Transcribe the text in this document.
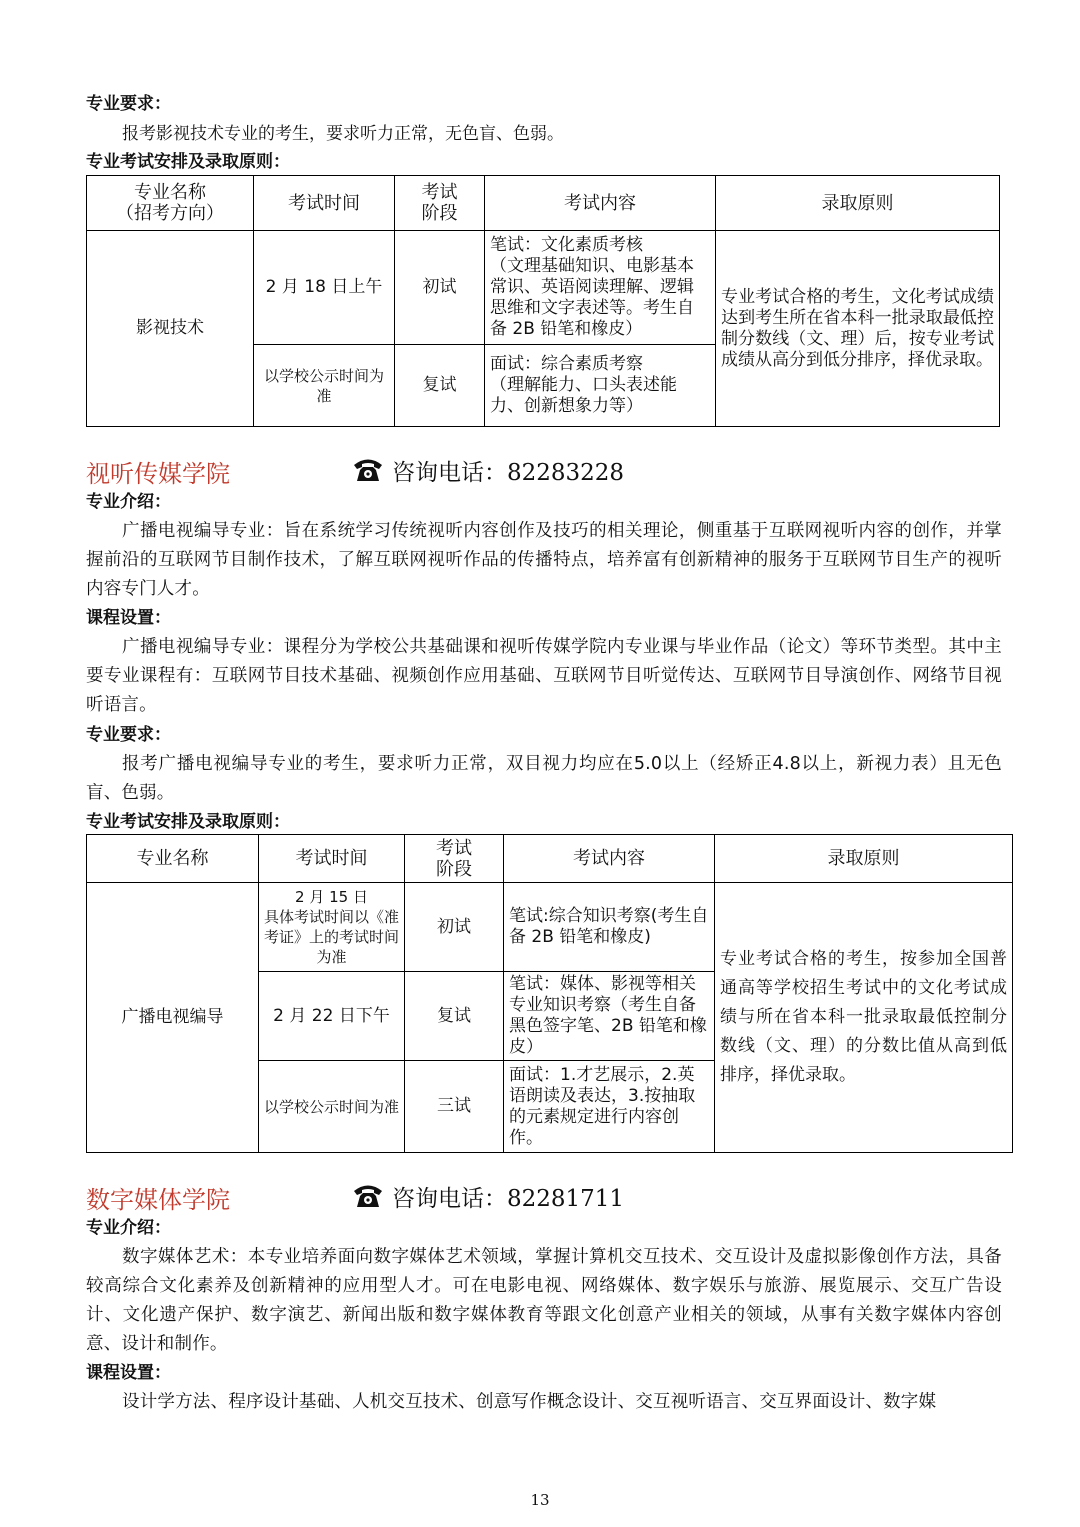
专业要求：
报考影视技术专业的考生，要求听力正常，无色盲、色弱。
专业考试安排及录取原则：
专业名称
（招考方向）	考试时间	考试
阶段	考试内容	录取原则
影视技术	2 月 18 日上午	初试	笔试：文化素质考核
（文理基础知识、电影基本常识、英语阅读理解、逻辑思维和文字表述等。考生自备 2B 铅笔和橡皮）	专业考试合格的考生，文化考试成绩达到考生所在省本科一批录取最低控制分数线（文、理）后，按专业考试成绩从高分到低分排序，择优录取。
	以学校公示时间为准	复试	面试：综合素质考察
（理解能力、口头表述能力、创新想象力等）	
视听传媒学院	咨询电话：82283228
专业介绍：
广播电视编导专业：旨在系统学习传统视听内容创作及技巧的相关理论，侧重基于互联网视听内容的创作，并掌握前沿的互联网节目制作技术，了解互联网视听作品的传播特点，培养富有创新精神的服务于互联网节目生产的视听内容专门人才。
课程设置：
广播电视编导专业：课程分为学校公共基础课和视听传媒学院内专业课与毕业作品（论文）等环节类型。其中主要专业课程有：互联网节目技术基础、视频创作应用基础、互联网节目听觉传达、互联网节目导演创作、网络节目视听语言。
专业要求：
报考广播电视编导专业的考生，要求听力正常，双目视力均应在5.0以上（经矫正4.8以上，新视力表）且无色盲、色弱。
专业考试安排及录取原则：
专业名称	考试时间	考试
阶段	考试内容	录取原则
广播电视编导	2 月 15 日
具体考试时间以《准考证》上的考试时间为准	初试	笔试:综合知识考察(考生自备 2B 铅笔和橡皮)	专业考试合格的考生，按参加全国普通高等学校招生考试中的文化考试成绩与所在省本科一批录取最低控制分数线（文、理）的分数比值从高到低排序，择优录取。
	2 月 22 日下午	复试	笔试：媒体、影视等相关专业知识考察（考生自备黑色签字笔、2B 铅笔和橡皮）	
	以学校公示时间为准	三试	面试：1.才艺展示，2.英语朗读及表达，3.按抽取的元素规定进行内容创作。	
数字媒体学院	咨询电话：82281711
专业介绍：
数字媒体艺术：本专业培养面向数字媒体艺术领域，掌握计算机交互技术、交互设计及虚拟影像创作方法，具备较高综合文化素养及创新精神的应用型人才。可在电影电视、网络媒体、数字娱乐与旅游、展览展示、交互广告设计、文化遗产保护、数字演艺、新闻出版和数字媒体教育等跟文化创意产业相关的领域，从事有关数字媒体内容创意、设计和制作。
课程设置：
设计学方法、程序设计基础、人机交互技术、创意写作概念设计、交互视听语言、交互界面设计、数字媒
13
